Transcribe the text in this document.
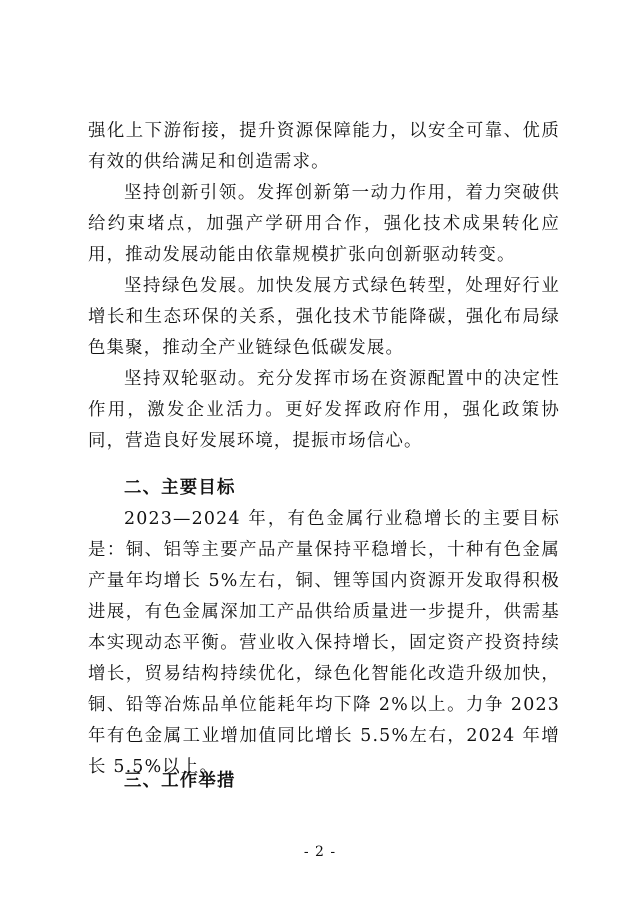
强化上下游衔接，提升资源保障能力，以安全可靠、优质有效的供给满足和创造需求。

坚持创新引领。发挥创新第一动力作用，着力突破供给约束堵点，加强产学研用合作，强化技术成果转化应用，推动发展动能由依靠规模扩张向创新驱动转变。

坚持绿色发展。加快发展方式绿色转型，处理好行业增长和生态环保的关系，强化技术节能降碳，强化布局绿色集聚，推动全产业链绿色低碳发展。

坚持双轮驱动。充分发挥市场在资源配置中的决定性作用，激发企业活力。更好发挥政府作用，强化政策协同，营造良好发展环境，提振市场信心。

二、主要目标

2023—2024 年，有色金属行业稳增长的主要目标是：铜、铝等主要产品产量保持平稳增长，十种有色金属产量年均增长 5%左右，铜、锂等国内资源开发取得积极进展，有色金属深加工产品供给质量进一步提升，供需基本实现动态平衡。营业收入保持增长，固定资产投资持续增长，贸易结构持续优化，绿色化智能化改造升级加快，铜、铅等冶炼品单位能耗年均下降 2%以上。力争 2023 年有色金属工业增加值同比增长 5.5%左右，2024 年增长 5.5%以上。

三、工作举措

- 2 -
